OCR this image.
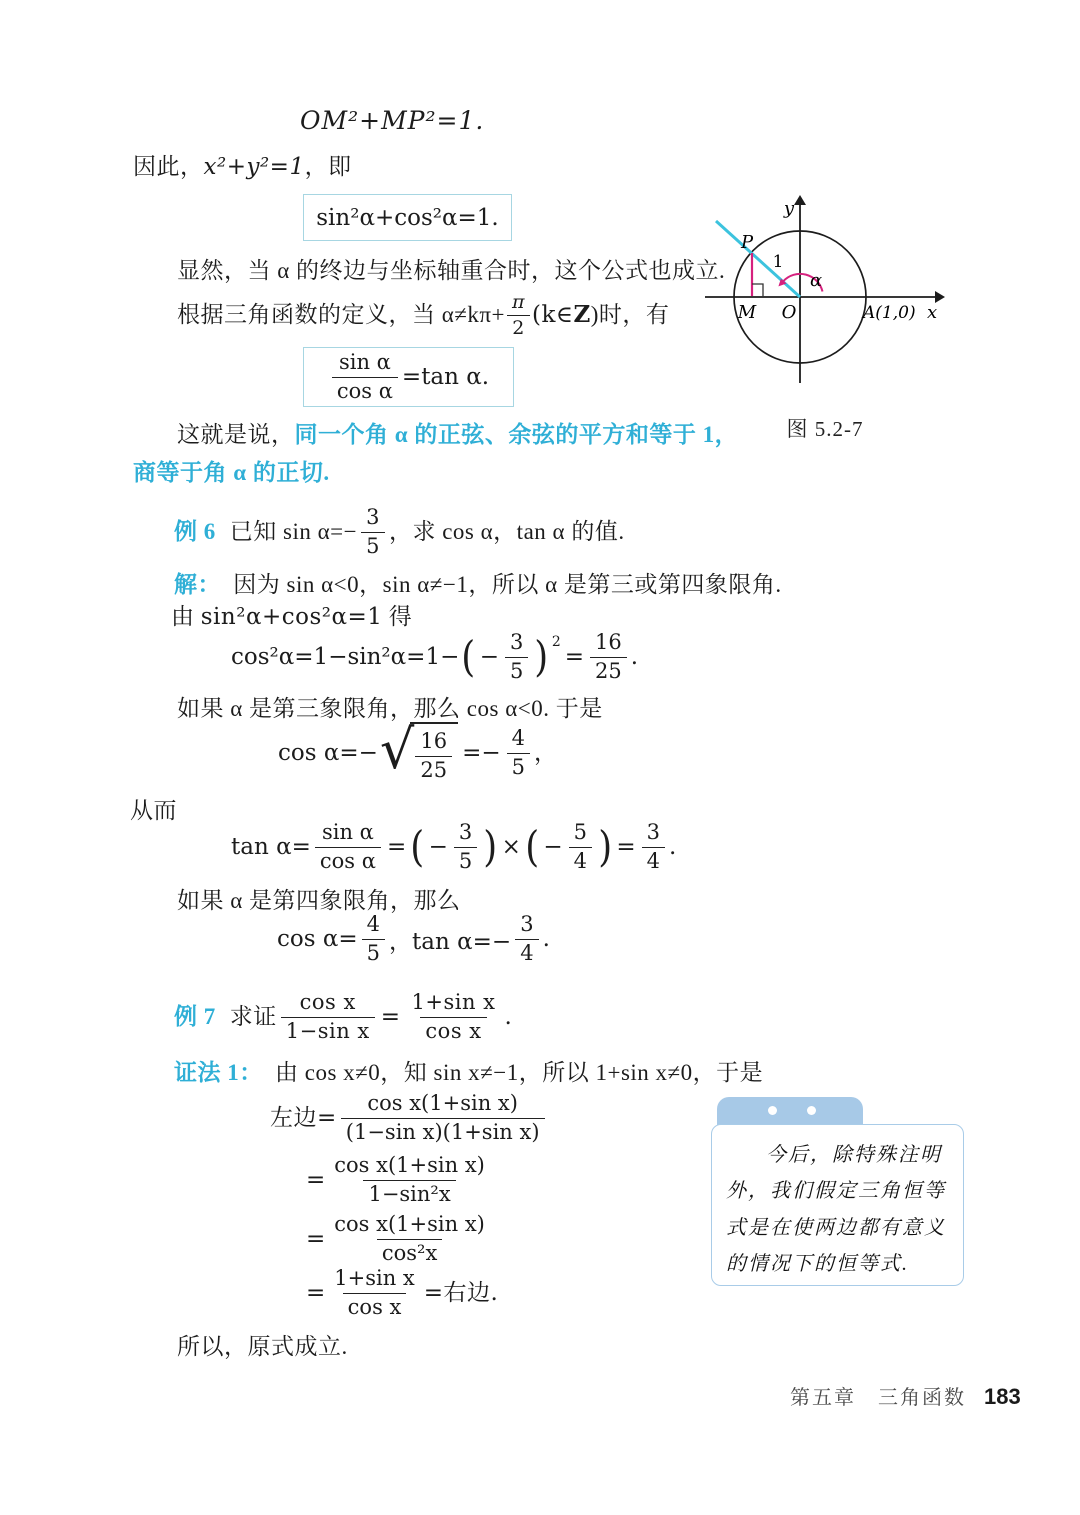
OM²+MP²=1.
因此，x²+y²=1，即
sin²α+cos²α=1.
显然，当 α 的终边与坐标轴重合时，这个公式也成立.
根据三角函数的定义，当 $\alpha\ne k\pi+ \frac{\pi}{2}$ (k∈ Z )时，有
$\frac{\text{sin α}}{\text{cos α}} =\tan$ α.
P
1
α
M O	A(1,0) x
y
图 5.2-7
这就是说，同一个角 α 的正弦、余弦的平方和等于 1，
商等于角 α 的正切.
例 6 已知 $\sin \alpha=- \frac{3}{5}$ ，求 cos α，tan α 的值.
解： 因为 sin α<0，sin α≠−1，所以 α 是第三或第四象限角.
由 sin²α+cos²α=1 得
cos²α=1−sin²α=1− ( − $\frac{3}{5}$ ) 2
= $\frac{16}{25}$ .
如果 α 是第三象限角，那么 cos α<0. 于是
cos α=− √ $\frac{16}{25} =- \frac{4}{5}$ ，
从而
$\tan \alpha= \frac{\text{sin α}}{\text{cos α}}$ = ( − $\frac{3}{5}$ ) × ( − $\frac{5}{4}$ ) = $\frac{3}{4}$ .
如果 α 是第四象限角，那么
$\cos \alpha= \frac{4}{5}$ ，$\tan \alpha=- \frac{3}{4}$ .
例 7 求证 $\frac{\text{cos x}}{\text{1−sin x}} = \frac{\text{1+sin x}}{\text{cos x}}$ .
证法 1： 由 cos x≠0，知 sin x≠−1，所以 1+sin x≠0，于是
左边= $\frac{\text{cos x(1+sin x)}}{\text{(1−sin x)(1+sin x)}}$
= $\frac{\text{cos x(1+sin x)}}{\text{1−sin²x}}$
= $\frac{\text{cos x(1+sin x)}}{\text{cos²x}}$
= $\frac{\text{1+sin x}}{\text{cos x}}$ =右边.
所以，原式成立.
今后，除特殊注明外，我们假定三角恒等式是在使两边都有意义的情况下的恒等式.
第五章　三角函数 183
